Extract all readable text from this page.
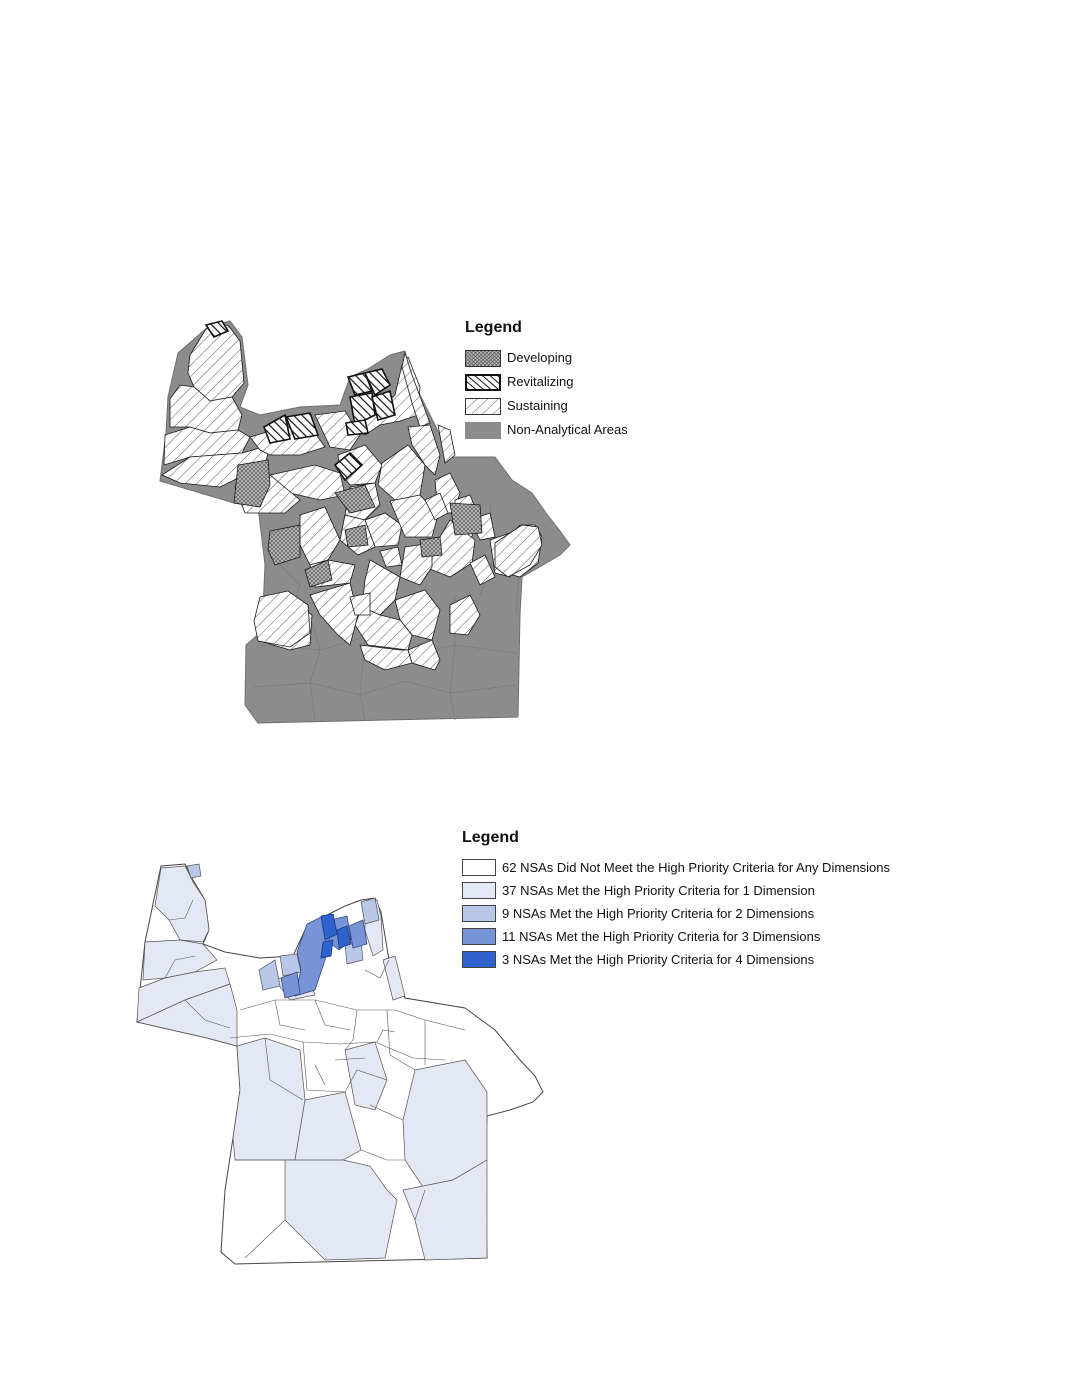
Legend
Developing
Revitalizing
Sustaining
Non-Analytical Areas
Legend
62 NSAs Did Not Meet the High Priority Criteria for Any Dimensions
37 NSAs Met the High Priority Criteria for 1 Dimension
9 NSAs Met the High Priority Criteria for 2 Dimensions
11 NSAs Met the High Priority Criteria for 3 Dimensions
3 NSAs Met the High Priority Criteria for 4 Dimensions
